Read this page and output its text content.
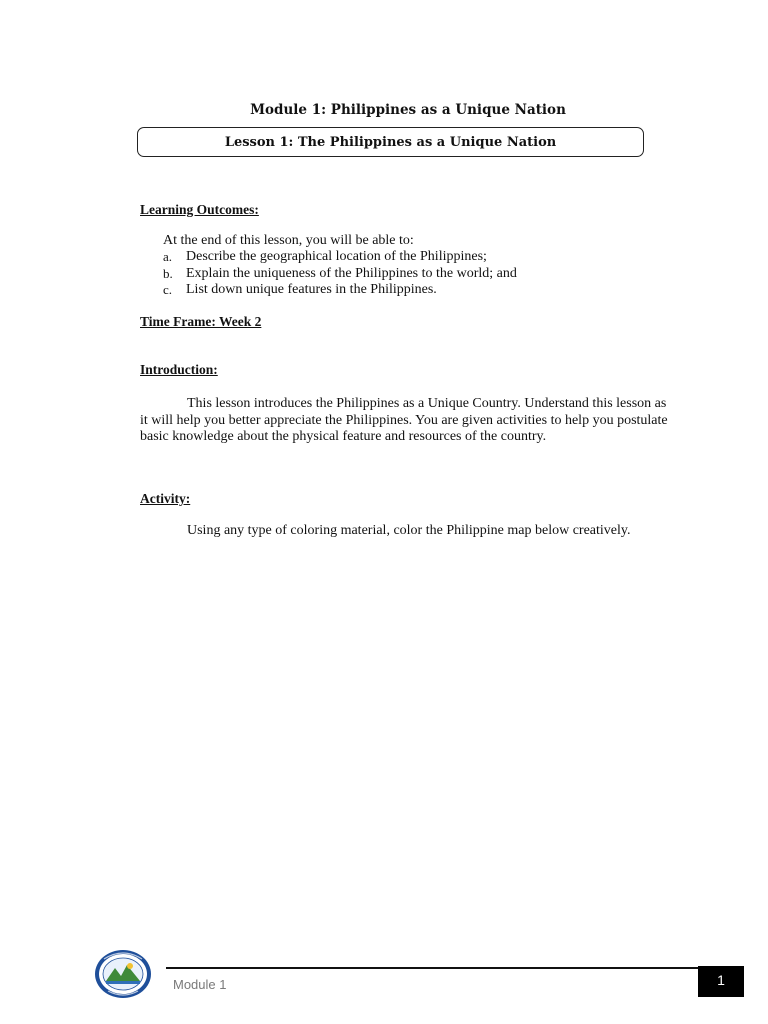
Module 1: Philippines as a Unique Nation
Lesson 1: The Philippines as a Unique Nation
Learning Outcomes:
At the end of this lesson, you will be able to:
a. Describe the geographical location of the Philippines;
b. Explain the uniqueness of the Philippines to the world; and
c. List down unique features in the Philippines.
Time Frame: Week 2
Introduction:
This lesson introduces the Philippines as a Unique Country. Understand this lesson as it will help you better appreciate the Philippines. You are given activities to help you postulate basic knowledge about the physical feature and resources of the country.
Activity:
Using any type of coloring material, color the Philippine map below creatively.
Module 1	1
